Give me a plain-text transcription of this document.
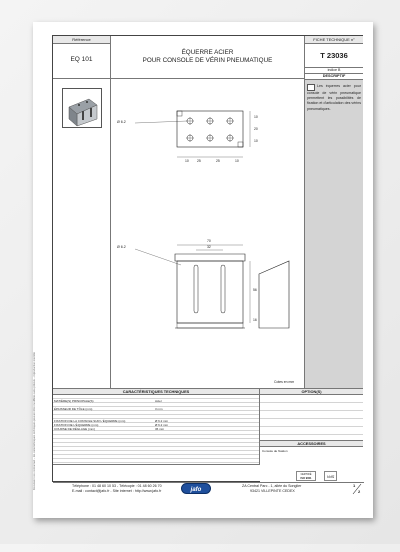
Document non contractuel – les caractéristiques techniques peuvent être modifiées sans préavis – reproduction interdite
Référence
EQ 101
ÉQUERRE ACIER
POUR CONSOLE DE VÉRIN PNEUMATIQUE
FICHE TECHNIQUE n°
T 23036
indice B
DESCRIPTIF
Les équerres acier pour console de vérin pneumatique permettent les possibilités de fixation et d'articulation des vérins pneumatiques.
Ø 6.2
Ø 6.2
10 25	25	10
10
20
10
70
32
56
16
Cotes en mm
CARACTÉRISTIQUES TECHNIQUES
MATIÈRE(S) PRINCIPALE(S)	Acier
ÉPAISSEUR DE TÔLE (mm)	3 mm
FIXATION DE LA CONSOLE SUR L'ÉQUERRE (mm)	Ø 6.2 mm
FIXATION DE L'ÉQUERRE (mm)	Ø 6.2 mm
COURSE DE RÉGLAGE (mm)	36 mm
OPTION(S)
ACCESSOIRES
Console de fixation
CERTIFIÉ
ISO 9001	VdS
Téléphone : 01 48 60 10 53 - Télécopie : 01 48 60 26 70
E-mail : contact@jafo.fr - Site internet : http://www.jafo.fr	jafo
ZA Central Parc - 1, allée du Songlier
93421 VILLEPINTE CEDEX
1
2
